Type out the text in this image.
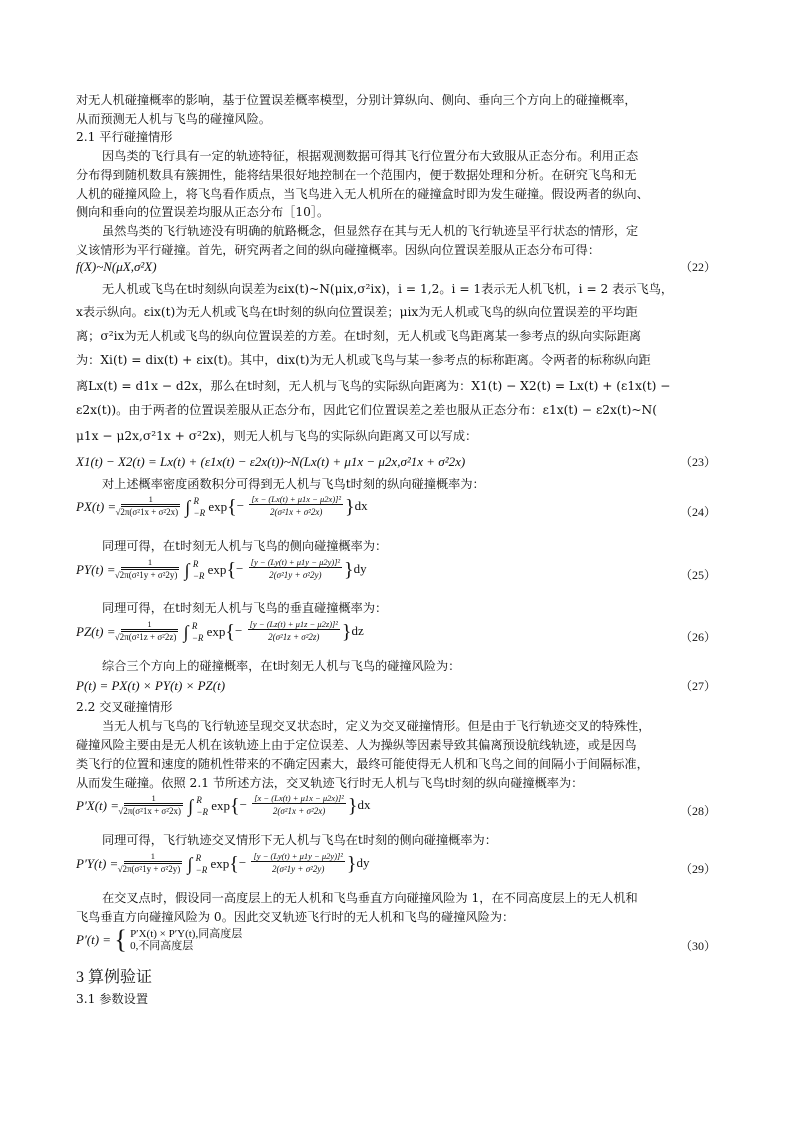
对无人机碰撞概率的影响，基于位置误差概率模型，分别计算纵向、侧向、垂向三个方向上的碰撞概率，
从而预测无人机与飞鸟的碰撞风险。
2.1 平行碰撞情形
因鸟类的飞行具有一定的轨迹特征，根据观测数据可得其飞行位置分布大致服从正态分布。利用正态
分布得到随机数具有簇拥性，能将结果很好地控制在一个范围内，便于数据处理和分析。在研究飞鸟和无
人机的碰撞风险上，将飞鸟看作质点，当飞鸟进入无人机所在的碰撞盒时即为发生碰撞。假设两者的纵向、
侧向和垂向的位置误差均服从正态分布［10］。
虽然鸟类的飞行轨迹没有明确的航路概念，但显然存在其与无人机的飞行轨迹呈平行状态的情形，定
义该情形为平行碰撞。首先，研究两者之间的纵向碰撞概率。因纵向位置误差服从正态分布可得：
f(X)~N(μX,σ²X)	（22）
无人机或飞鸟在t时刻纵向误差为εix(t)~N(μix,σ²ix)，i = 1,2。i = 1表示无人机飞机，i = 2 表示飞鸟，
x表示纵向。εix(t)为无人机或飞鸟在t时刻的纵向位置误差；μix为无人机或飞鸟的纵向位置误差的平均距
离；σ²ix为无人机或飞鸟的纵向位置误差的方差。在t时刻，无人机或飞鸟距离某一参考点的纵向实际距离
为：Xi(t) = dix(t) + εix(t)。其中，dix(t)为无人机或飞鸟与某一参考点的标称距离。令两者的标称纵向距
离Lx(t) = d1x − d2x，那么在t时刻，无人机与飞鸟的实际纵向距离为：X1(t) − X2(t) = Lx(t) + (ε1x(t) −
ε2x(t))。由于两者的位置误差服从正态分布，因此它们位置误差之差也服从正态分布：ε1x(t) − ε2x(t)~N(
μ1x − μ2x,σ²1x + σ²2x)，则无人机与飞鸟的实际纵向距离又可以写成：
X1(t) − X2(t) = Lx(t) + (ε1x(t) − ε2x(t))~N(Lx(t) + μ1x − μ2x,σ²1x + σ²2x)	（23）
对上述概率密度函数积分可得到无人机与飞鸟t时刻的纵向碰撞概率为：
PX(t) = 1
√ 2π(σ²1x + σ²2x) ∫ R
−R $\exp\{- \frac{\text{[x − (Lx(t) + μ1x − μ2x)]²}}{\text{2(σ²1x + σ²2x)}} \}dx$	（24）
同理可得，在t时刻无人机与飞鸟的侧向碰撞概率为：
PY(t) = 1
√ 2π(σ²1y + σ²2y) ∫ R
−R $\exp\{- \frac{\text{[y − (Ly(t) + μ1y − μ2y)]²}}{\text{2(σ²1y + σ²2y)}} \}dy$	（25）
同理可得，在t时刻无人机与飞鸟的垂直碰撞概率为：
PZ(t) = 1
√ 2π(σ²1z + σ²2z) ∫ R
−R $\exp\{- \frac{\text{[y − (Lz(t) + μ1z − μ2z)]²}}{\text{2(σ²1z + σ²2z)}} \}dz$	（26）
综合三个方向上的碰撞概率，在t时刻无人机与飞鸟的碰撞风险为：
P(t) = PX(t) × PY(t) × PZ(t)	（27）
2.2 交叉碰撞情形
当无人机与飞鸟的飞行轨迹呈现交叉状态时，定义为交叉碰撞情形。但是由于飞行轨迹交叉的特殊性，
碰撞风险主要由是无人机在该轨迹上由于定位误差、人为操纵等因素导致其偏离预设航线轨迹，或是因鸟
类飞行的位置和速度的随机性带来的不确定因素大，最终可能使得无人机和飞鸟之间的间隔小于间隔标准，
从而发生碰撞。依照 2.1 节所述方法，交叉轨迹飞行时无人机与飞鸟t时刻的纵向碰撞概率为：
P′X(t) = 1
√ 2π(σ²1x + σ²2x) ∫ R
−R $\exp\{- \frac{\text{[x − (Lx(t) + μ1x − μ2x)]²}}{\text{2(σ²1x + σ²2x)}} \}dx$	（28）
同理可得，飞行轨迹交叉情形下无人机与飞鸟在t时刻的侧向碰撞概率为：
P′Y(t) = 1
√ 2π(σ²1y + σ²2y) ∫ R
−R $\exp\{- \frac{\text{[y − (Ly(t) + μ1y − μ2y)]²}}{\text{2(σ²1y + σ²2y)}} \}dy$	（29）
在交叉点时，假设同一高度层上的无人机和飞鸟垂直方向碰撞风险为 1，在不同高度层上的无人机和
飞鸟垂直方向碰撞风险为 0。因此交叉轨迹飞行时的无人机和飞鸟的碰撞风险为：
P′(t) = { P′X(t) × P′Y(t),同高度层
0,不同高度层	（30）
3 算例验证
3.1 参数设置
